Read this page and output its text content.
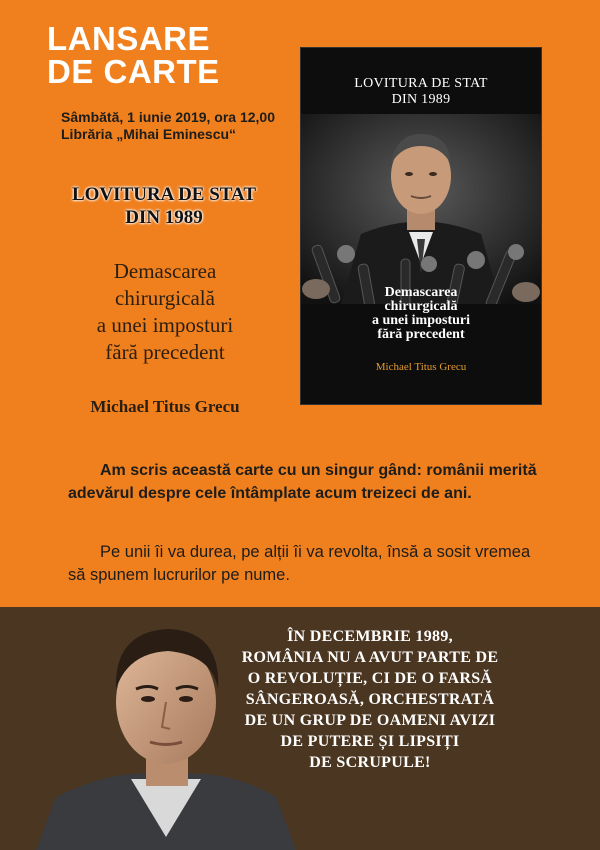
LANSARE
DE CARTE
Sâmbătă, 1 iunie 2019, ora 12,00
Librăria „Mihai Eminescu“
LOVITURA DE STAT
DIN 1989
Demascarea
chirurgicală
a unei imposturi
fără precedent
Michael Titus Grecu
LOVITURA DE STAT
DIN 1989
Demascarea
chirurgicală
a unei imposturi
fără precedent
Michael Titus Grecu
Am scris această carte cu un singur gând: românii merită adevărul despre cele întâmplate acum treizeci de ani.
Pe unii îi va durea, pe alții îi va revolta, însă a sosit vremea să spunem lucrurilor pe nume.
ÎN DECEMBRIE 1989,
ROMÂNIA NU A AVUT PARTE DE
O REVOLUȚIE, CI DE O FARSĂ
SÂNGEROASĂ, ORCHESTRATĂ
DE UN GRUP DE OAMENI AVIZI
DE PUTERE ȘI LIPSIȚI
DE SCRUPULE!
